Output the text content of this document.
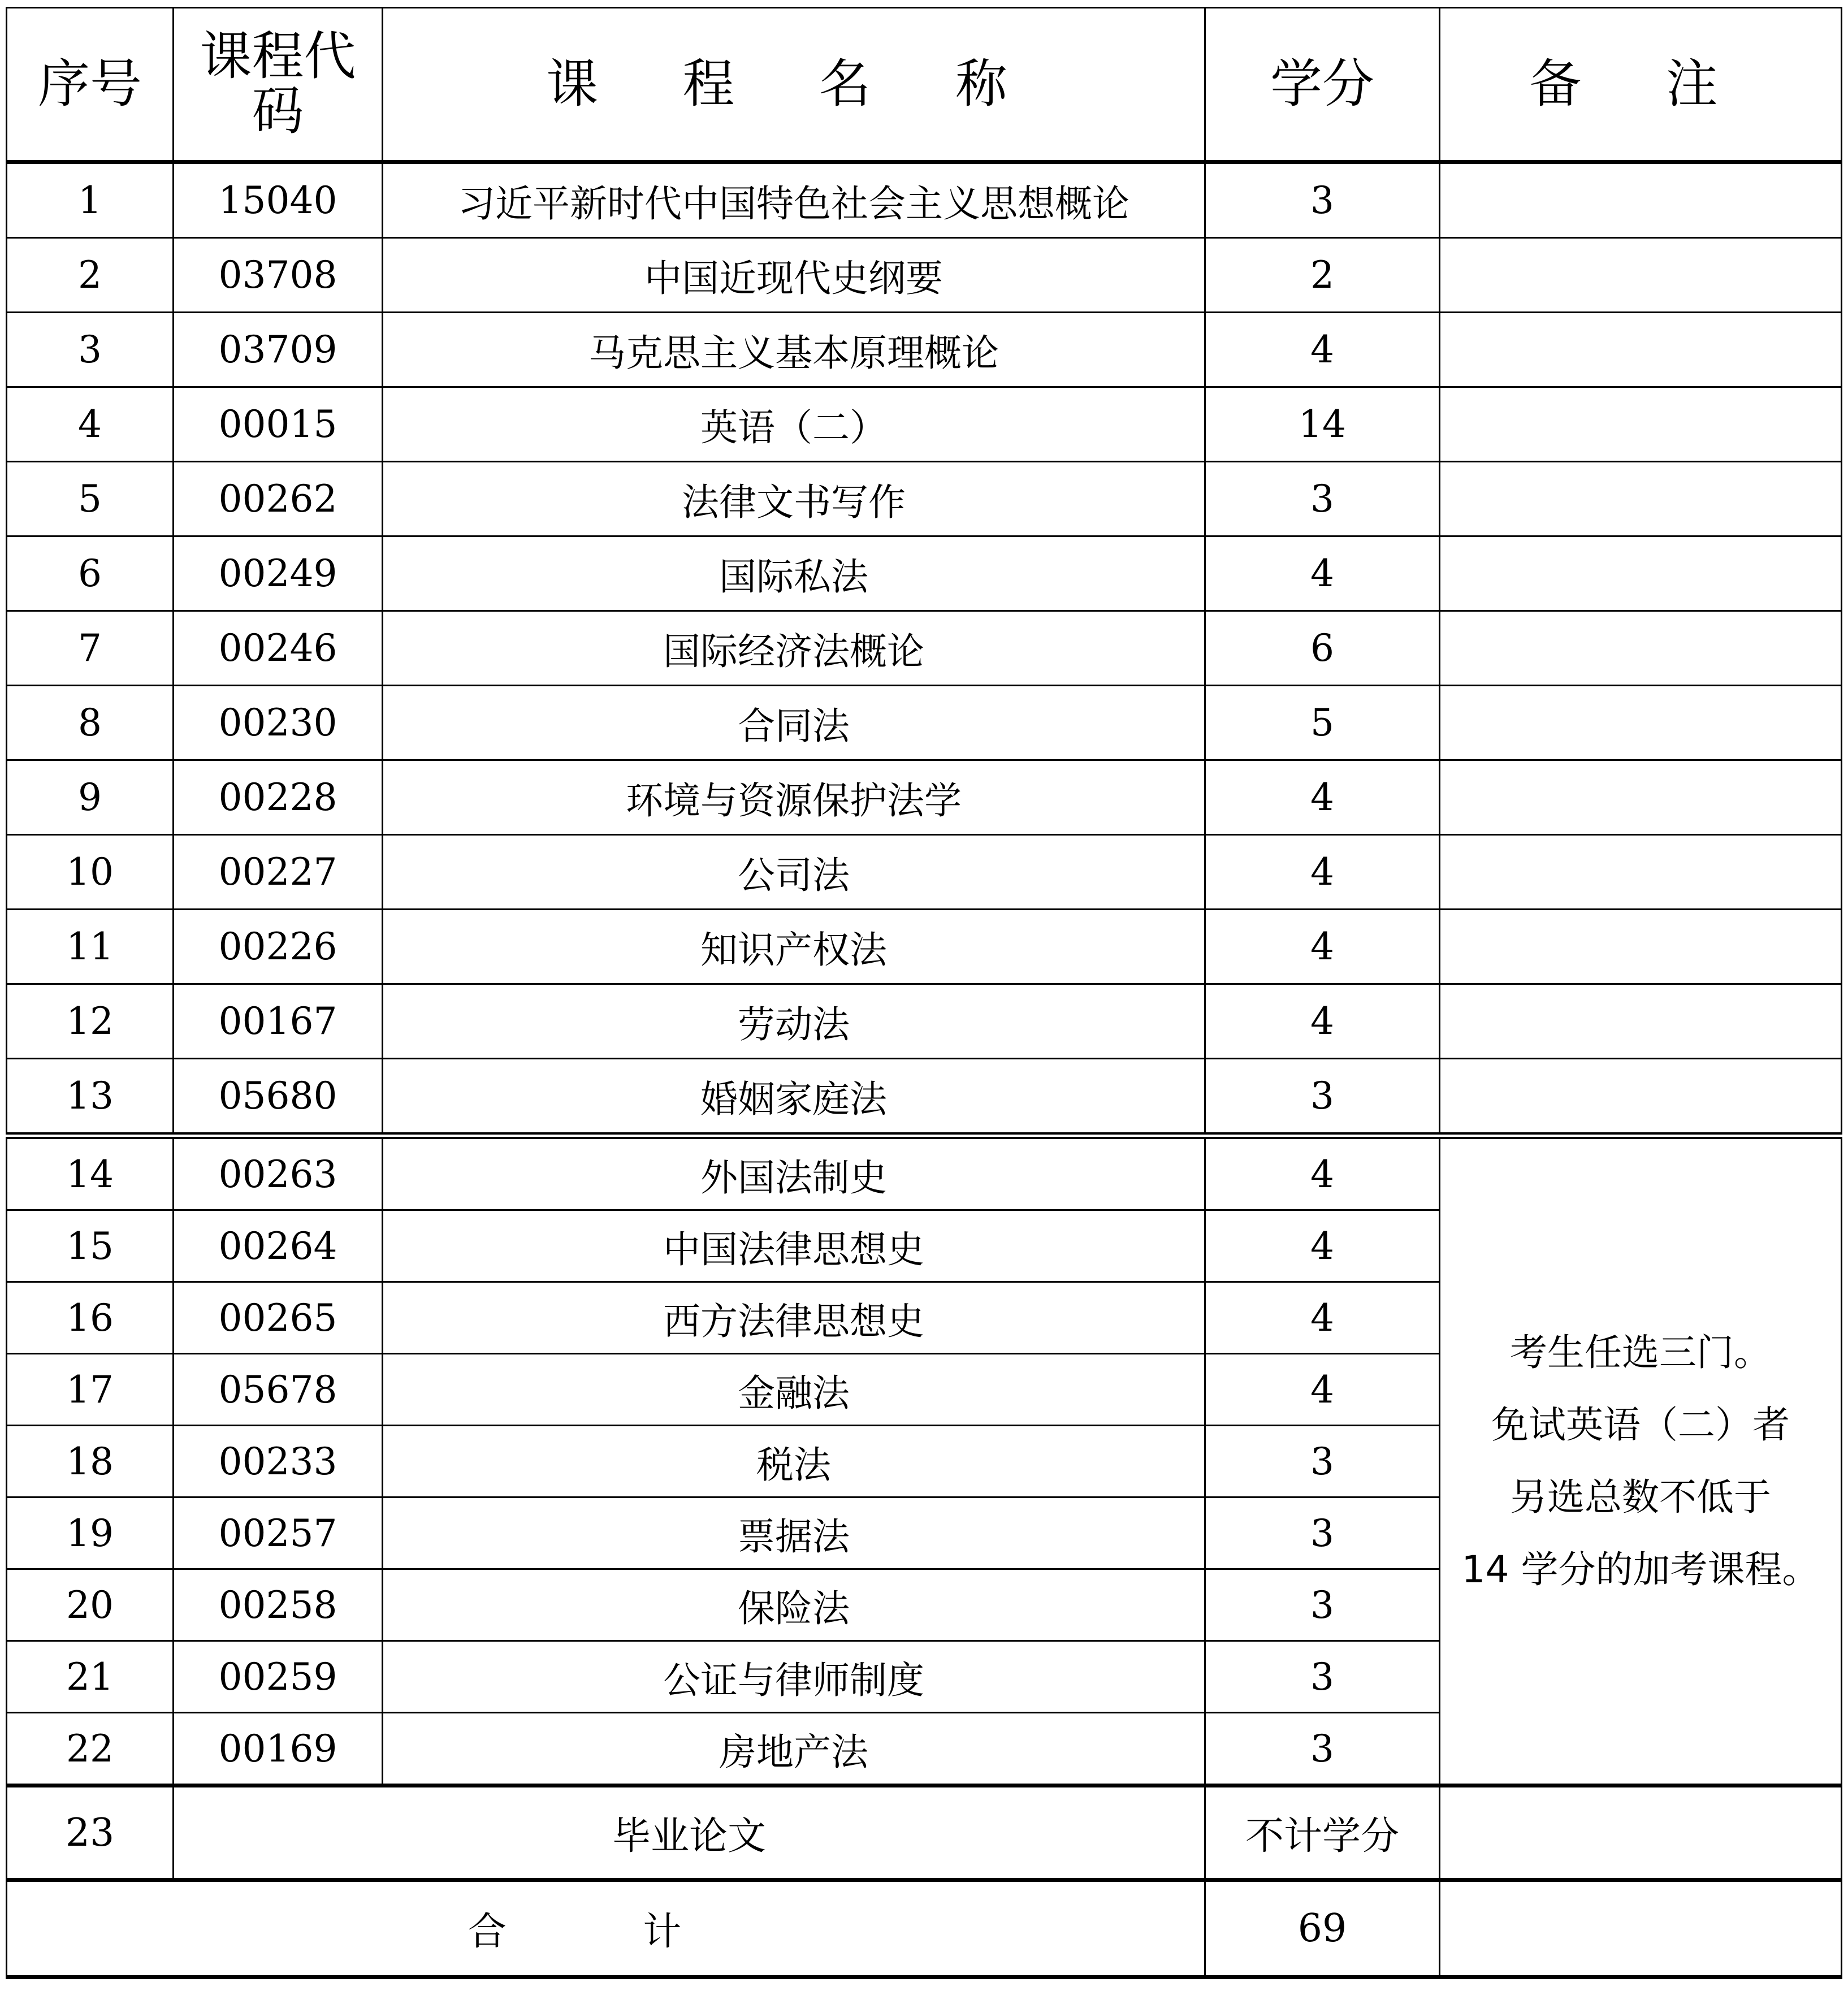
序号	课程代码	课 程 名 称	学分	备 注
1	15040	习近平新时代中国特色社会主义思想概论	3	
2	03708	中国近现代史纲要	2	
3	03709	马克思主义基本原理概论	4	
4	00015	英语（二）	14	
5	00262	法律文书写作	3	
6	00249	国际私法	4	
7	00246	国际经济法概论	6	
8	00230	合同法	5	
9	00228	环境与资源保护法学	4	
10	00227	公司法	4	
11	00226	知识产权法	4	
12	00167	劳动法	4	
13	05680	婚姻家庭法	3	
14	00263	外国法制史	4	考生任选三门。
免试英语（二）者
另选总数不低于
14 学分的加考课程。

15	00264	中国法律思想史	4	
16	00265	西方法律思想史	4	
17	05678	金融法	4	
18	00233	税法	3	
19	00257	票据法	3	
20	00258	保险法	3	
21	00259	公证与律师制度	3	
22	00169	房地产法	3	
23	毕业论文		不计学分	
合 计			69	
